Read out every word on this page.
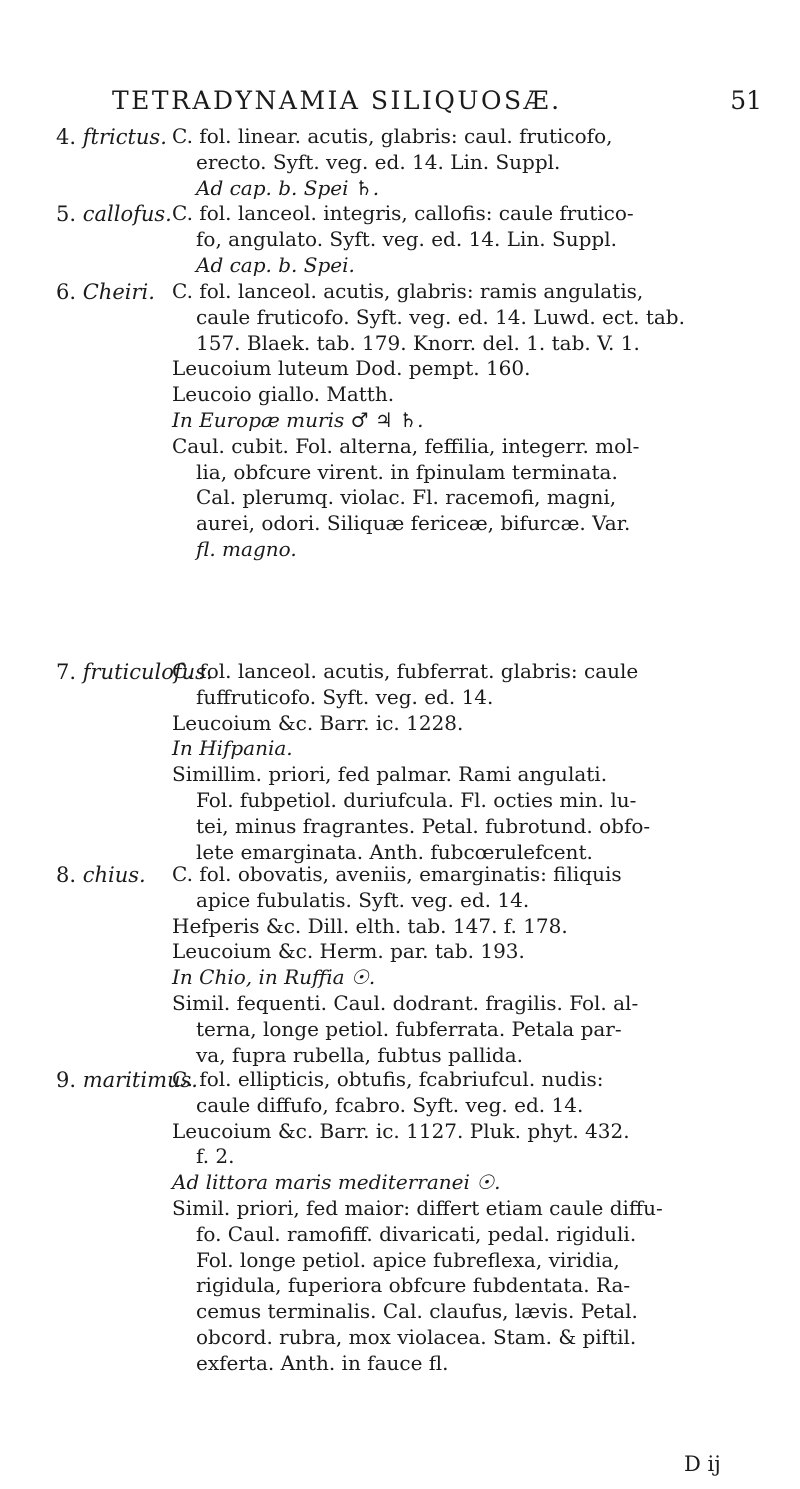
TETRADYNAMIA SILIQUOSÆ.	51
4. ftrictus. C. fol. linear. acutis, glabris: caul. fruticofo,
erecto. Syft. veg. ed. 14. Lin. Suppl.
Ad cap. b. Spei ♄.
5. callofus. C. fol. lanceol. integris, callofis: caule frutico-
fo, angulato. Syft. veg. ed. 14. Lin. Suppl.
Ad cap. b. Spei.
6. Cheiri. C. fol. lanceol. acutis, glabris: ramis angulatis,
caule fruticofo. Syft. veg. ed. 14. Luwd. ect. tab.
157. Blaek. tab. 179. Knorr. del. 1. tab. V. 1.
Leucoium luteum Dod. pempt. 160.
Leucoio giallo. Matth.
In Europæ muris ♂ ♃ ♄.
Caul. cubit. Fol. alterna, feffilia, integerr. mol-
lia, obfcure virent. in fpinulam terminata.
Cal. plerumq. violac. Fl. racemofi, magni,
aurei, odori. Siliquæ fericeæ, bifurcæ. Var.
fl. magno.
7. fruticulofus.
C. fol. lanceol. acutis, fubferrat. glabris: caule
fuffruticofo. Syft. veg. ed. 14.
Leucoium &c. Barr. ic. 1228.
In Hifpania.
Simillim. priori, fed palmar. Rami angulati.
Fol. fubpetiol. duriufcula. Fl. octies min. lu-
tei, minus fragrantes. Petal. fubrotund. obfo-
lete emarginata. Anth. fubcœrulefcent.
8. chius.	C. fol. obovatis, aveniis, emarginatis: filiquis
apice fubulatis. Syft. veg. ed. 14.
Hefperis &c. Dill. elth. tab. 147. f. 178.
Leucoium &c. Herm. par. tab. 193.
In Chio, in Ruffia ☉.
Simil. fequenti. Caul. dodrant. fragilis. Fol. al-
terna, longe petiol. fubferrata. Petala par-
va, fupra rubella, fubtus pallida.
9. maritimus.
C. fol. ellipticis, obtufis, fcabriufcul. nudis:
caule diffufo, fcabro. Syft. veg. ed. 14.
Leucoium &c. Barr. ic. 1127. Pluk. phyt. 432.
f. 2.
Ad littora maris mediterranei ☉.
Simil. priori, fed maior: differt etiam caule diffu-
fo. Caul. ramofiff. divaricati, pedal. rigiduli.
Fol. longe petiol. apice fubreflexa, viridia,
rigidula, fuperiora obfcure fubdentata. Ra-
cemus terminalis. Cal. claufus, lævis. Petal.
obcord. rubra, mox violacea. Stam. & piftil.
exferta. Anth. in fauce fl.
D ij
